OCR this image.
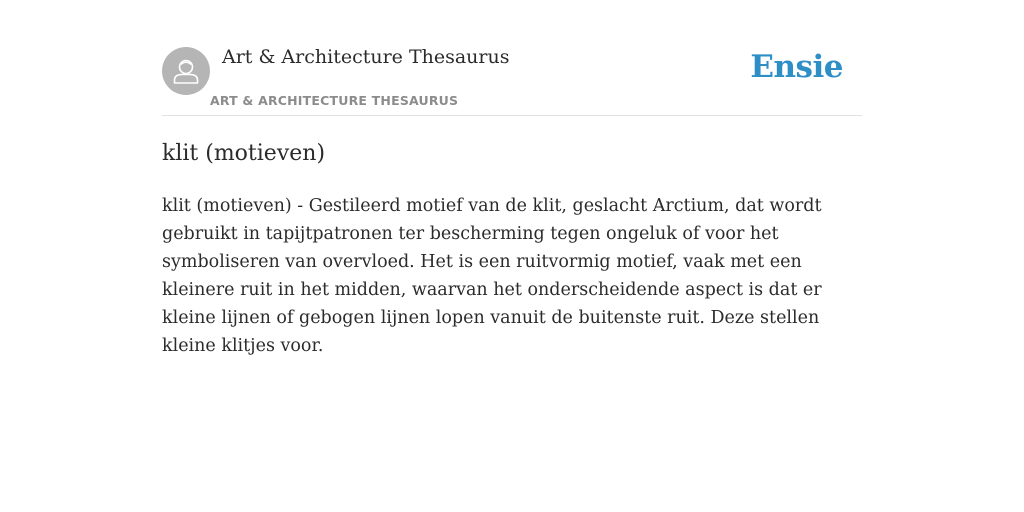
Art & Architecture Thesaurus
ART & ARCHITECTURE THESAURUS
Ensie
klit (motieven)

klit (motieven) - Gestileerd motief van de klit, geslacht Arctium, dat wordt gebruikt in tapijtpatronen ter bescherming tegen ongeluk of voor het symboliseren van overvloed. Het is een ruitvormig motief, vaak met een kleinere ruit in het midden, waarvan het onderscheidende aspect is dat er kleine lijnen of gebogen lijnen lopen vanuit de buitenste ruit. Deze stellen kleine klitjes voor.
